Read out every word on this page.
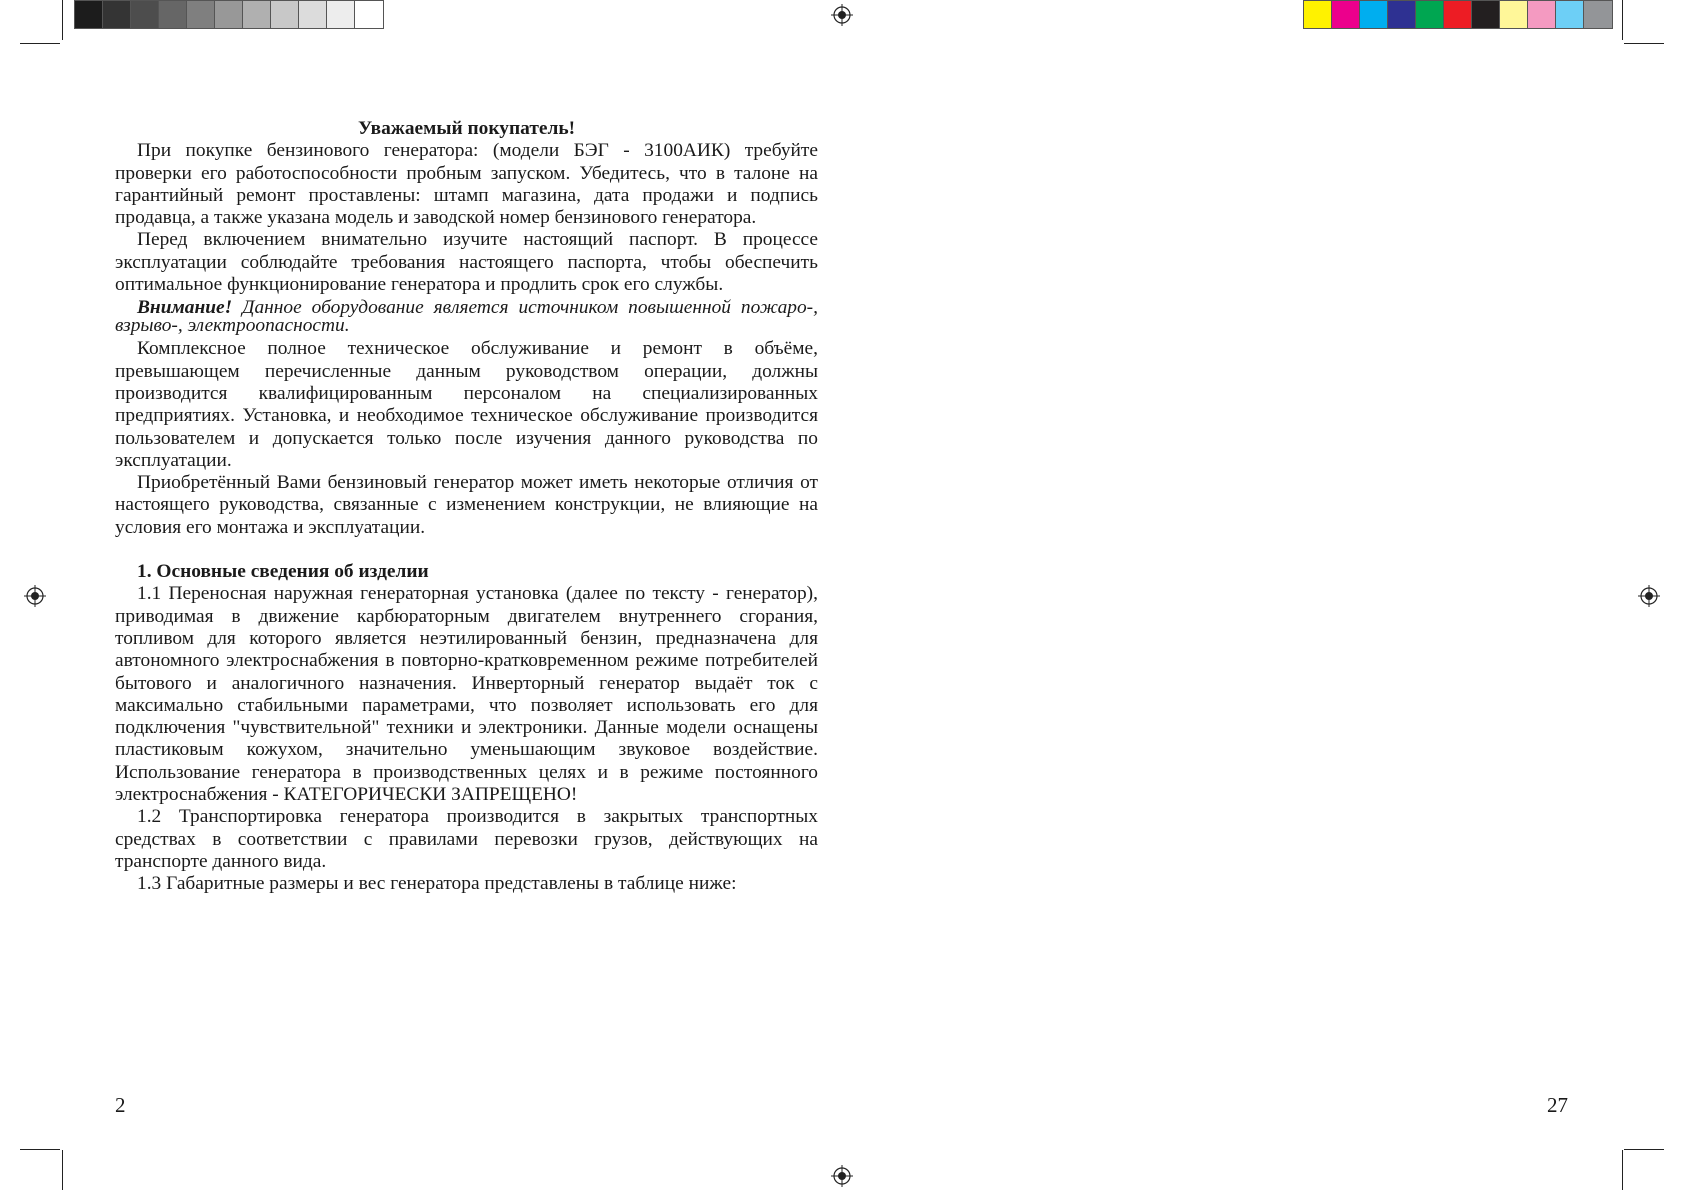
Уважаемый покупатель!

При покупке бензинового генератора: (модели БЭГ - 3100АИК) требуйте проверки его работоспособности пробным запуском. Убедитесь, что в талоне на гарантийный ремонт проставлены: штамп магазина, дата продажи и подпись продавца, а также указана модель и заводской номер бензинового генератора.

Перед включением внимательно изучите настоящий паспорт. В процессе эксплуатации соблюдайте требования настоящего паспорта, чтобы обеспечить оптимальное функционирование генератора и продлить срок его службы.

Внимание! Данное оборудование является источником повышенной пожаро-, взрыво-, электроопасности.

Комплексное полное техническое обслуживание и ремонт в объёме, превышающем перечисленные данным руководством операции, должны производится квалифицированным персоналом на специализированных предприятиях. Установка, и необходимое техническое обслуживание производится пользователем и допускается только после изучения данного руководства по эксплуатации.

Приобретённый Вами бензиновый генератор может иметь некоторые отличия от настоящего руководства, связанные с изменением конструкции, не влияющие на условия его монтажа и эксплуатации.

1. Основные сведения об изделии

1.1 Переносная наружная генераторная установка (далее по тексту - генератор), приводимая в движение карбюраторным двигателем внутреннего сгорания, топливом для которого является неэтилированный бензин, предназначена для автономного электроснабжения в повторно-кратковременном режиме потребителей бытового и аналогичного назначения. Инверторный генератор выдаёт ток с максимально стабильными параметрами, что позволяет использовать его для подключения "чувствительной" техники и электроники. Данные модели оснащены пластиковым кожухом, значительно уменьшающим звуковое воздействие. Использование генератора в производственных целях и в режиме постоянного электроснабжения - КАТЕГОРИЧЕСКИ ЗАПРЕЩЕНО!

1.2 Транспортировка генератора производится в закрытых транспортных средствах в соответствии с правилами перевозки грузов, действующих на транспорте данного вида.

1.3 Габаритные размеры и вес генератора представлены в таблице ниже:

2	27
